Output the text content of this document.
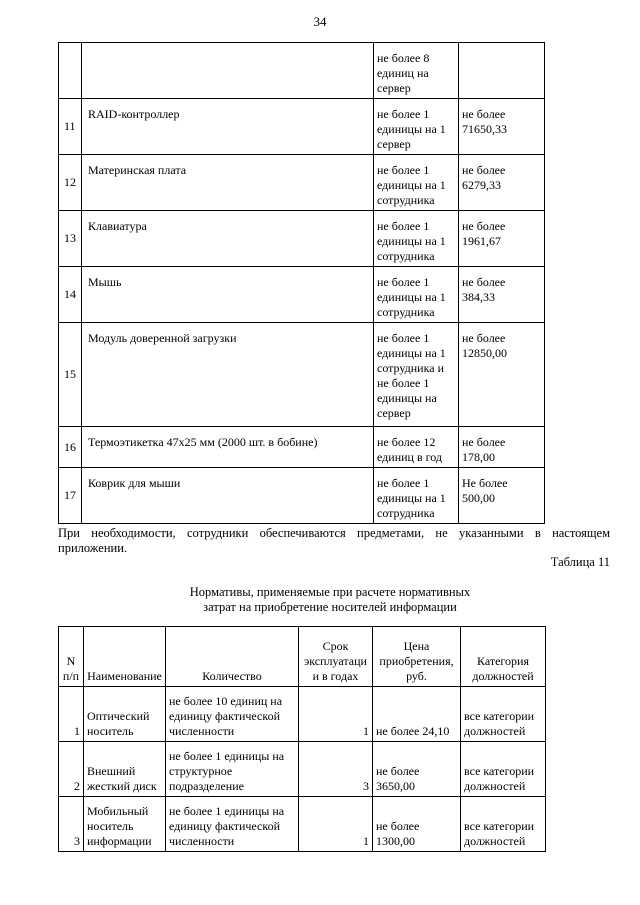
34
		не более 8 единиц на сервер	
11	RAID-контроллер	не более 1 единицы на 1 сервер	не более 71650,33
12	Материнская плата	не более 1 единицы на 1 сотрудника	не более 6279,33
13	Клавиатура	не более 1 единицы на 1 сотрудника	не более 1961,67
14	Мышь	не более 1 единицы на 1 сотрудника	не более 384,33
15	Модуль доверенной загрузки	не более 1 единицы на 1 сотрудника и не более 1 единицы на сервер	не более 12850,00
16	Термоэтикетка 47x25 мм (2000 шт. в бобине)	не более 12 единиц в год	не более 178,00
17	Коврик для мыши	не более 1 единицы на 1 сотрудника	Не более 500,00
При необходимости, сотрудники обеспечиваются предметами, не указанными в настоящем приложении.
Таблица 11
Нормативы, применяемые при расчете нормативных
затрат на приобретение носителей информации
N п/п	Наименование	Количество	Срок эксплуатации в годах	Цена приобретения, руб.	Категория должностей
1	Оптический носитель	не более 10 единиц на единицу фактической численности	1	не более 24,10	все категории должностей
2	Внешний жесткий диск	не более 1 единицы на структурное подразделение	3	не более 3650,00	все категории должностей
3	Мобильный носитель информации	не более 1 единицы на единицу фактической численности	1	не более 1300,00	все категории должностей
